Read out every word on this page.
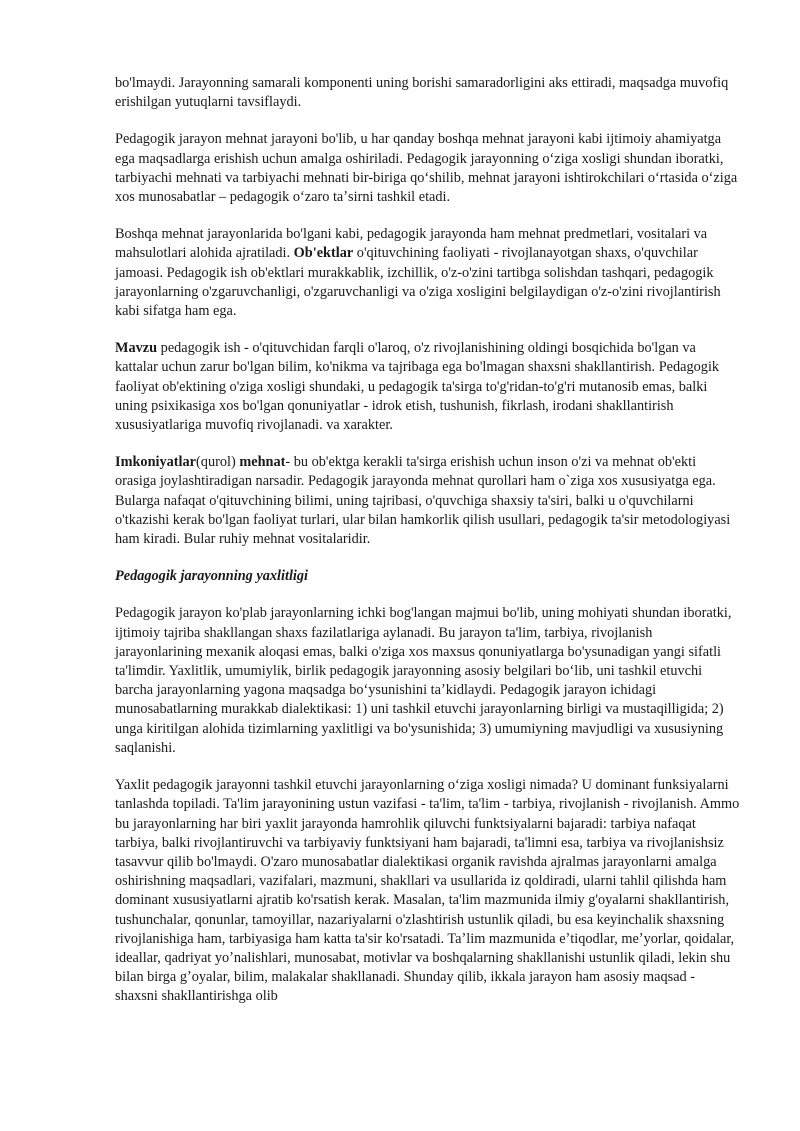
bo'lmaydi. Jarayonning samarali komponenti uning borishi samaradorligini aks ettiradi, maqsadga muvofiq erishilgan yutuqlarni tavsiflaydi.

Pedagogik jarayon mehnat jarayoni bo'lib, u har qanday boshqa mehnat jarayoni kabi ijtimoiy ahamiyatga ega maqsadlarga erishish uchun amalga oshiriladi. Pedagogik jarayonning oʻziga xosligi shundan iboratki, tarbiyachi mehnati va tarbiyachi mehnati bir-biriga qoʻshilib, mehnat jarayoni ishtirokchilari oʻrtasida oʻziga xos munosabatlar – pedagogik oʻzaro taʼsirni tashkil etadi.

Boshqa mehnat jarayonlarida bo'lgani kabi, pedagogik jarayonda ham mehnat predmetlari, vositalari va mahsulotlari alohida ajratiladi. Ob'ektlar o'qituvchining faoliyati - rivojlanayotgan shaxs, o'quvchilar jamoasi. Pedagogik ish ob'ektlari murakkablik, izchillik, o'z-o'zini tartibga solishdan tashqari, pedagogik jarayonlarning o'zgaruvchanligi, o'zgaruvchanligi va o'ziga xosligini belgilaydigan o'z-o'zini rivojlantirish kabi sifatga ham ega.

Mavzu pedagogik ish - o'qituvchidan farqli o'laroq, o'z rivojlanishining oldingi bosqichida bo'lgan va kattalar uchun zarur bo'lgan bilim, ko'nikma va tajribaga ega bo'lmagan shaxsni shakllantirish. Pedagogik faoliyat ob'ektining o'ziga xosligi shundaki, u pedagogik ta'sirga to'g'ridan-to'g'ri mutanosib emas, balki uning psixikasiga xos bo'lgan qonuniyatlar - idrok etish, tushunish, fikrlash, irodani shakllantirish xususiyatlariga muvofiq rivojlanadi. va xarakter.

Imkoniyatlar(qurol) mehnat- bu ob'ektga kerakli ta'sirga erishish uchun inson o'zi va mehnat ob'ekti orasiga joylashtiradigan narsadir. Pedagogik jarayonda mehnat qurollari ham o`ziga xos xususiyatga ega. Bularga nafaqat o'qituvchining bilimi, uning tajribasi, o'quvchiga shaxsiy ta'siri, balki u o'quvchilarni o'tkazishi kerak bo'lgan faoliyat turlari, ular bilan hamkorlik qilish usullari, pedagogik ta'sir metodologiyasi ham kiradi. Bular ruhiy mehnat vositalaridir.

Pedagogik jarayonning yaxlitligi

Pedagogik jarayon ko'plab jarayonlarning ichki bog'langan majmui bo'lib, uning mohiyati shundan iboratki, ijtimoiy tajriba shakllangan shaxs fazilatlariga aylanadi. Bu jarayon ta'lim, tarbiya, rivojlanish jarayonlarining mexanik aloqasi emas, balki o'ziga xos maxsus qonuniyatlarga bo'ysunadigan yangi sifatli ta'limdir. Yaxlitlik, umumiylik, birlik pedagogik jarayonning asosiy belgilari boʻlib, uni tashkil etuvchi barcha jarayonlarning yagona maqsadga boʻysunishini taʼkidlaydi. Pedagogik jarayon ichidagi munosabatlarning murakkab dialektikasi: 1) uni tashkil etuvchi jarayonlarning birligi va mustaqilligida; 2) unga kiritilgan alohida tizimlarning yaxlitligi va bo'ysunishida; 3) umumiyning mavjudligi va xususiyning saqlanishi.

Yaxlit pedagogik jarayonni tashkil etuvchi jarayonlarning oʻziga xosligi nimada? U dominant funksiyalarni tanlashda topiladi. Ta'lim jarayonining ustun vazifasi - ta'lim, ta'lim - tarbiya, rivojlanish - rivojlanish. Ammo bu jarayonlarning har biri yaxlit jarayonda hamrohlik qiluvchi funktsiyalarni bajaradi: tarbiya nafaqat tarbiya, balki rivojlantiruvchi va tarbiyaviy funktsiyani ham bajaradi, ta'limni esa, tarbiya va rivojlanishsiz tasavvur qilib bo'lmaydi. O'zaro munosabatlar dialektikasi organik ravishda ajralmas jarayonlarni amalga oshirishning maqsadlari, vazifalari, mazmuni, shakllari va usullarida iz qoldiradi, ularni tahlil qilishda ham dominant xususiyatlarni ajratib ko'rsatish kerak. Masalan, ta'lim mazmunida ilmiy g'oyalarni shakllantirish, tushunchalar, qonunlar, tamoyillar, nazariyalarni o'zlashtirish ustunlik qiladi, bu esa keyinchalik shaxsning rivojlanishiga ham, tarbiyasiga ham katta ta'sir ko'rsatadi. Taʼlim mazmunida eʼtiqodlar, meʼyorlar, qoidalar, ideallar, qadriyat yoʼnalishlari, munosabat, motivlar va boshqalarning shakllanishi ustunlik qiladi, lekin shu bilan birga gʼoyalar, bilim, malakalar shakllanadi. Shunday qilib, ikkala jarayon ham asosiy maqsad - shaxsni shakllantirishga olib
